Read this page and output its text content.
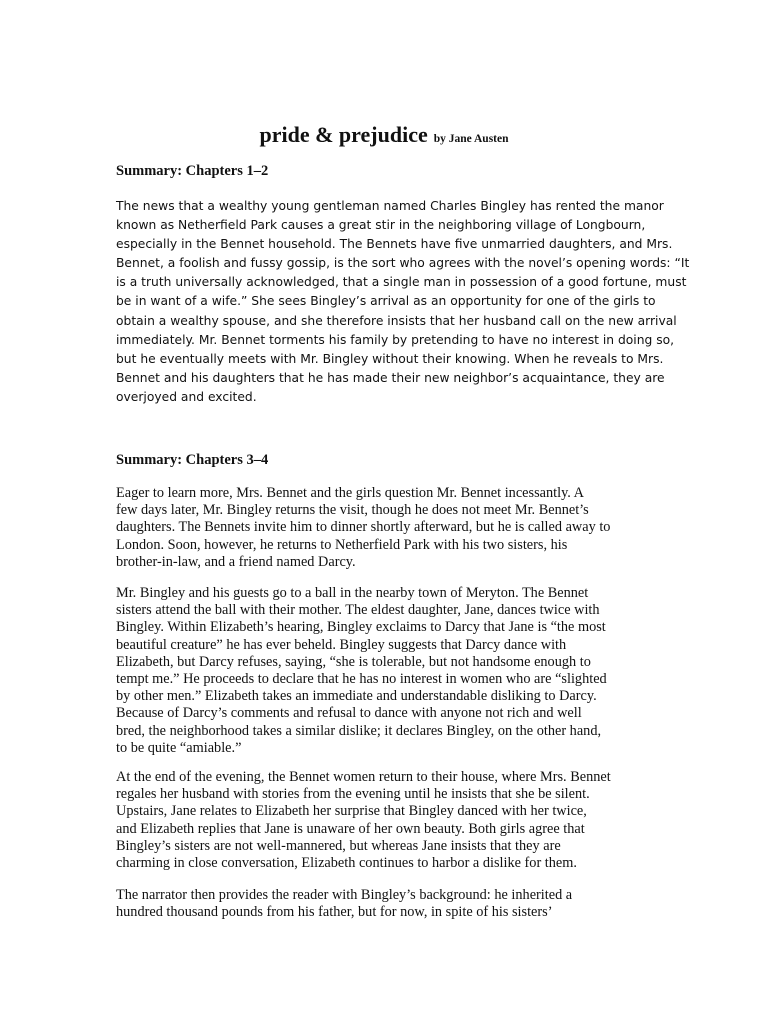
pride & prejudice by Jane Austen
Summary: Chapters 1–2

The news that a wealthy young gentleman named Charles Bingley has rented the manor
known as Netherfield Park causes a great stir in the neighboring village of Longbourn,
especially in the Bennet household. The Bennets have five unmarried daughters, and Mrs.
Bennet, a foolish and fussy gossip, is the sort who agrees with the novel’s opening words: “It
is a truth universally acknowledged, that a single man in possession of a good fortune, must
be in want of a wife.” She sees Bingley’s arrival as an opportunity for one of the girls to
obtain a wealthy spouse, and she therefore insists that her husband call on the new arrival
immediately. Mr. Bennet torments his family by pretending to have no interest in doing so,
but he eventually meets with Mr. Bingley without their knowing. When he reveals to Mrs.
Bennet and his daughters that he has made their new neighbor’s acquaintance, they are
overjoyed and excited.

Summary: Chapters 3–4

Eager to learn more, Mrs. Bennet and the girls question Mr. Bennet incessantly. A
few days later, Mr. Bingley returns the visit, though he does not meet Mr. Bennet’s
daughters. The Bennets invite him to dinner shortly afterward, but he is called away to
London. Soon, however, he returns to Netherfield Park with his two sisters, his
brother-in-law, and a friend named Darcy.

Mr. Bingley and his guests go to a ball in the nearby town of Meryton. The Bennet
sisters attend the ball with their mother. The eldest daughter, Jane, dances twice with
Bingley. Within Elizabeth’s hearing, Bingley exclaims to Darcy that Jane is “the most
beautiful creature” he has ever beheld. Bingley suggests that Darcy dance with
Elizabeth, but Darcy refuses, saying, “she is tolerable, but not handsome enough to
tempt me.” He proceeds to declare that he has no interest in women who are “slighted
by other men.” Elizabeth takes an immediate and understandable disliking to Darcy.
Because of Darcy’s comments and refusal to dance with anyone not rich and well
bred, the neighborhood takes a similar dislike; it declares Bingley, on the other hand,
to be quite “amiable.”

At the end of the evening, the Bennet women return to their house, where Mrs. Bennet
regales her husband with stories from the evening until he insists that she be silent.
Upstairs, Jane relates to Elizabeth her surprise that Bingley danced with her twice,
and Elizabeth replies that Jane is unaware of her own beauty. Both girls agree that
Bingley’s sisters are not well-mannered, but whereas Jane insists that they are
charming in close conversation, Elizabeth continues to harbor a dislike for them.

The narrator then provides the reader with Bingley’s background: he inherited a
hundred thousand pounds from his father, but for now, in spite of his sisters’
